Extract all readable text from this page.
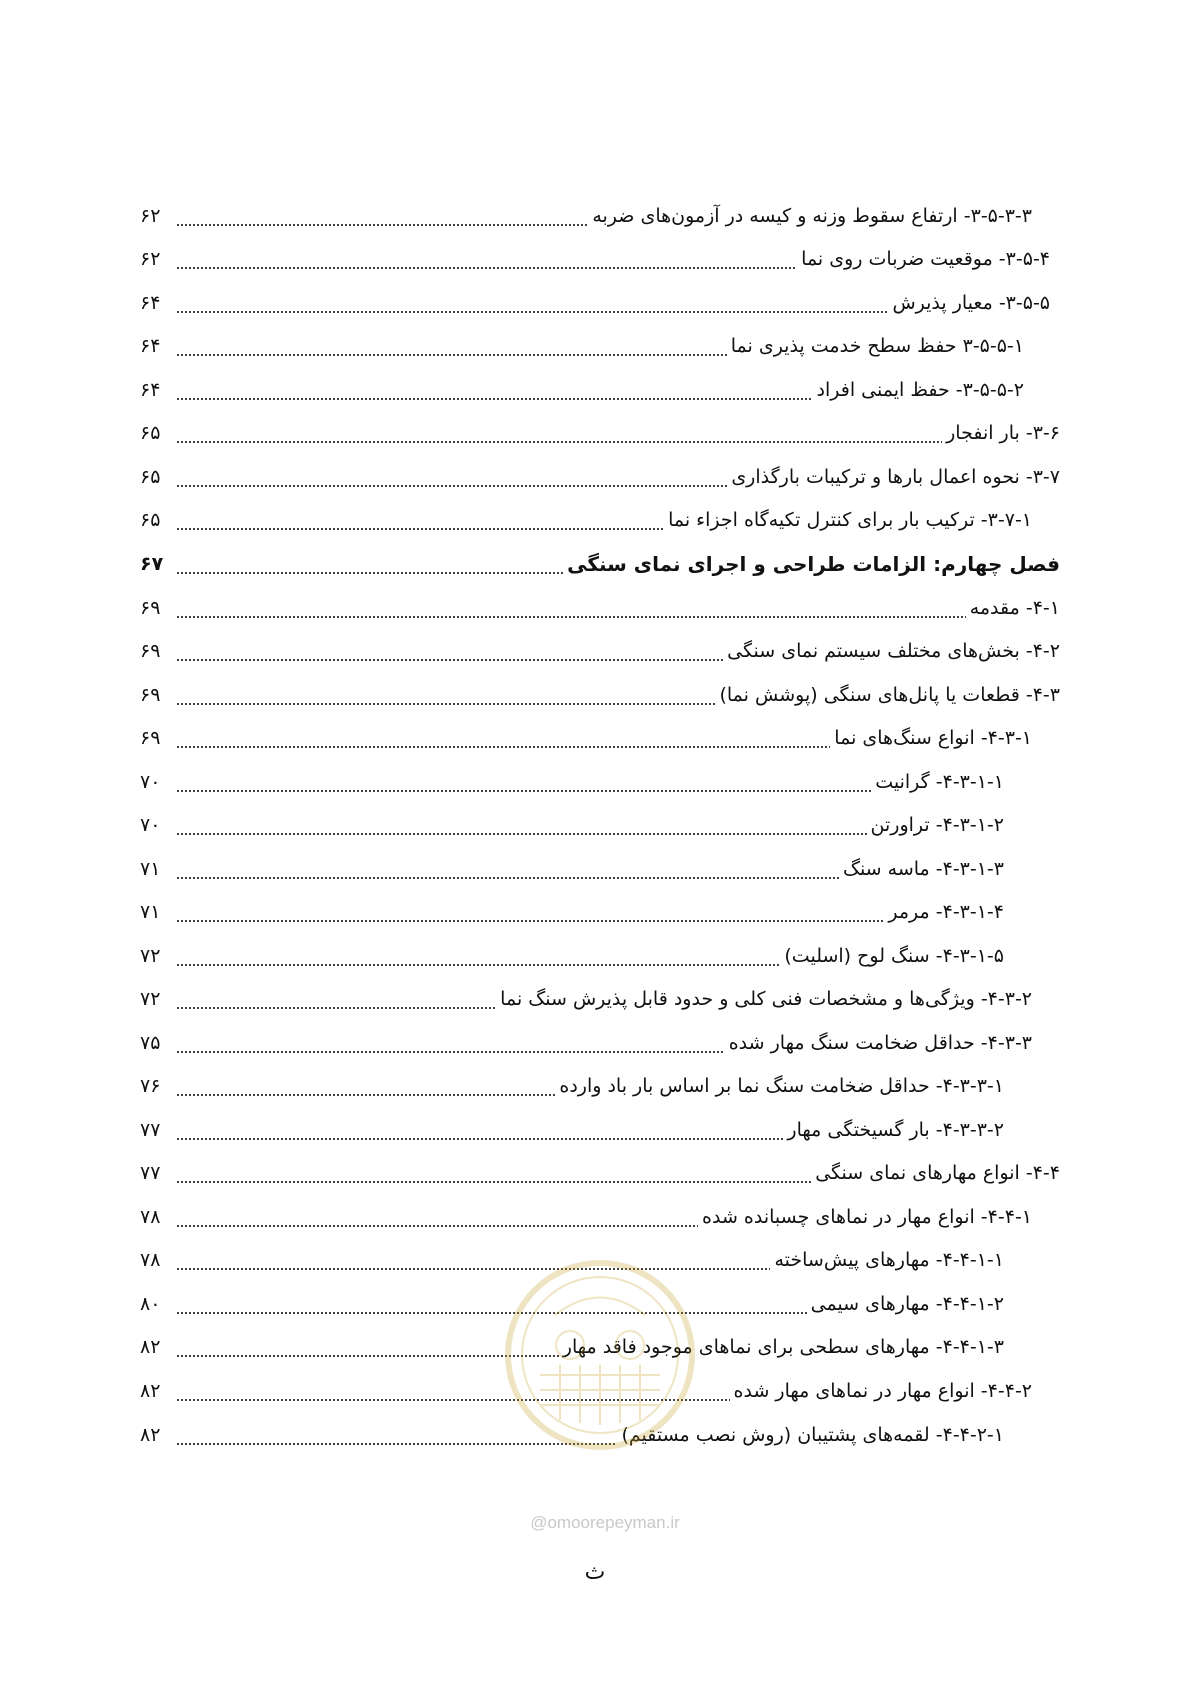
۳-۵-۳-۳- ارتفاع سقوط وزنه و کیسه در آزمون‌های ضربه
۶۲
۳-۵-۴- موقعیت ضربات روی نما
۶۲
۳-۵-۵- معیار پذیرش
۶۴
۳-۵-۵-۱ حفظ سطح خدمت پذیری نما
۶۴
۳-۵-۵-۲- حفظ ایمنی افراد
۶۴
۳-۶- بار انفجار
۶۵
۳-۷- نحوه اعمال بارها و ترکیبات بارگذاری
۶۵
۳-۷-۱- ترکیب بار برای کنترل تکیه‌گاه اجزاء نما
۶۵
فصل چهارم: الزامات طراحی و اجرای نمای سنگی
۶۷
۴-۱- مقدمه
۶۹
۴-۲- بخش‌های مختلف سیستم نمای سنگی
۶۹
۴-۳- قطعات یا پانل‌های سنگی (پوشش نما)
۶۹
۴-۳-۱- انواع سنگ‌های نما
۶۹
۴-۳-۱-۱- گرانیت
۷۰
۴-۳-۱-۲- تراورتن
۷۰
۴-۳-۱-۳- ماسه سنگ
۷۱
۴-۳-۱-۴- مرمر
۷۱
۴-۳-۱-۵- سنگ لوح (اسلیت)
۷۲
۴-۳-۲- ویژگی‌ها و مشخصات فنی کلی و حدود قابل پذیرش سنگ نما
۷۲
۴-۳-۳- حداقل ضخامت سنگ مهار شده
۷۵
۴-۳-۳-۱- حداقل ضخامت سنگ نما بر اساس بار باد وارده
۷۶
۴-۳-۳-۲- بار گسیختگی مهار
۷۷
۴-۴- انواع مهارهای نمای سنگی
۷۷
۴-۴-۱- انواع مهار در نماهای چسبانده شده
۷۸
۴-۴-۱-۱- مهارهای پیش‌ساخته
۷۸
۴-۴-۱-۲- مهارهای سیمی
۸۰
۴-۴-۱-۳- مهارهای سطحی برای نماهای موجود فاقد مهار
۸۲
۴-۴-۲- انواع مهار در نماهای مهار شده
۸۲
۴-۴-۲-۱- لقمه‌های پشتیبان (روش نصب مستقیم)
۸۲
@omoorepeyman.ir
ث
